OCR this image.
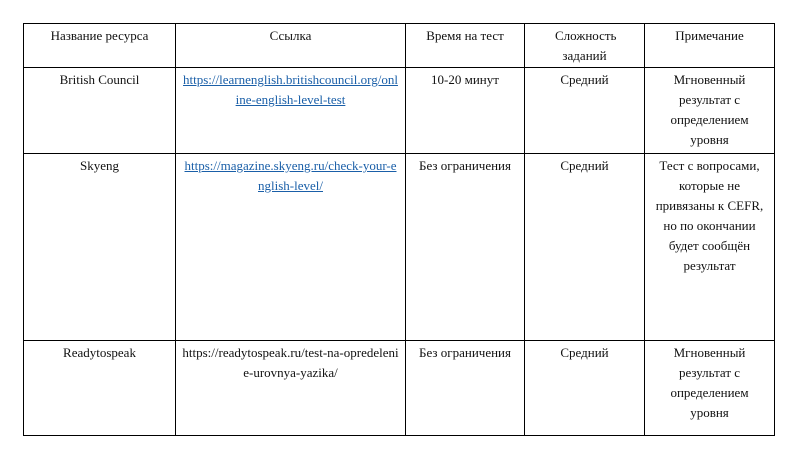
Название ресурса	Ссылка	Время на тест	Сложность заданий	Примечание
British Council	https://learnenglish.britishcouncil.org/online-english-level-test	10-20 минут	Средний	Мгновенный результат с определением уровня
Skyeng	https://magazine.skyeng.ru/check-your-english-level/	Без ограничения	Средний	Тест с вопросами, которые не привязаны к CEFR, но по окончании будет сообщён результат
Readytospeak	https://readytospeak.ru/test-na-opredelenie-urovnya-yazika/	Без ограничения	Средний	Мгновенный результат с определением уровня
